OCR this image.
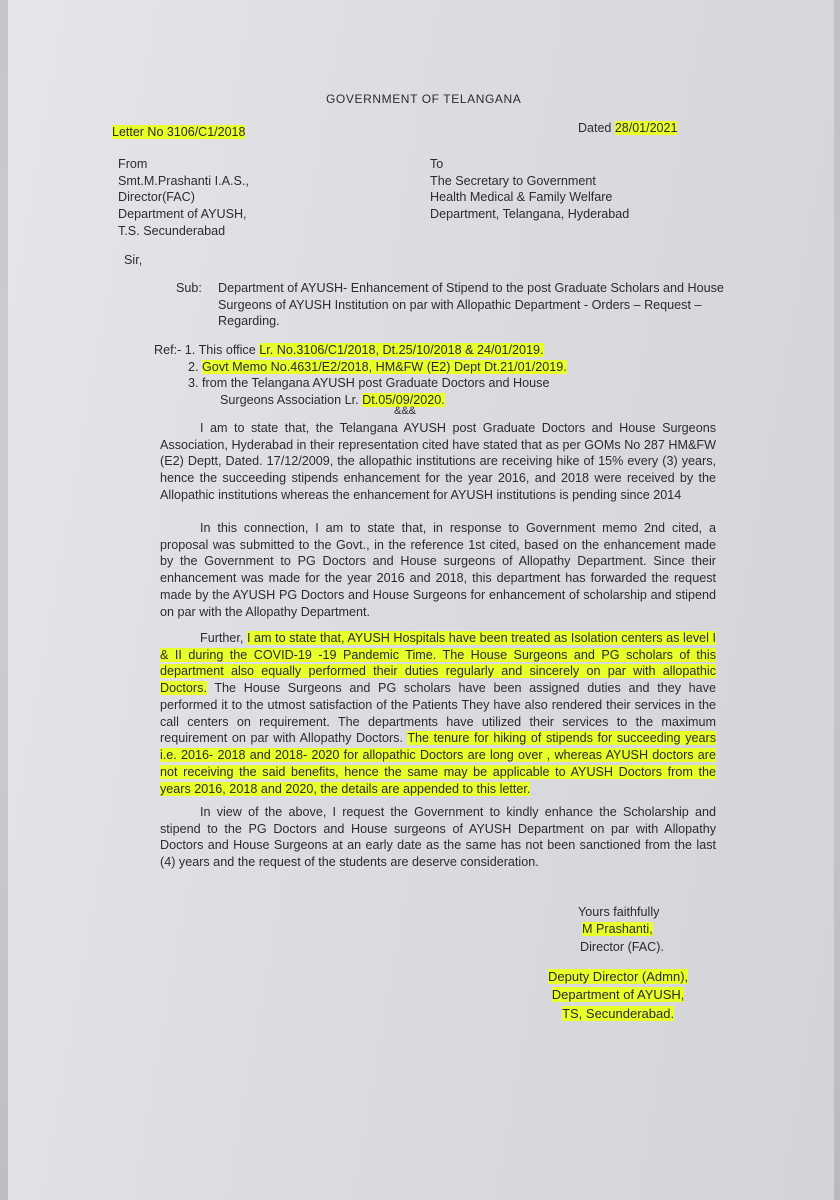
GOVERNMENT OF TELANGANA
Letter No 3106/C1/2018	Dated 28/01/2021
From
Smt.M.Prashanti I.A.S.,
Director(FAC)
Department of AYUSH,
T.S. Secunderabad
To
The Secretary to Government
Health Medical & Family Welfare
Department, Telangana, Hyderabad
Sir,
Sub:	Department of AYUSH- Enhancement of Stipend to the post Graduate Scholars and House Surgeons of AYUSH Institution on par with Allopathic Department - Orders – Request – Regarding.
Ref:- 1. This office Lr. No.3106/C1/2018, Dt.25/10/2018 & 24/01/2019.
2. Govt Memo No.4631/E2/2018, HM&FW (E2) Dept Dt.21/01/2019.
3. from the Telangana AYUSH post Graduate Doctors and House
Surgeons Association Lr. Dt.05/09/2020.
&&&
I am to state that, the Telangana AYUSH post Graduate Doctors and House Surgeons Association, Hyderabad in their representation cited have stated that as per GOMs No 287 HM&FW (E2) Deptt, Dated. 17/12/2009, the allopathic institutions are receiving hike of 15% every (3) years, hence the succeeding stipends enhancement for the year 2016, and 2018 were received by the Allopathic institutions whereas the enhancement for AYUSH institutions is pending since 2014
In this connection, I am to state that, in response to Government memo 2nd cited, a proposal was submitted to the Govt., in the reference 1st cited, based on the enhancement made by the Government to PG Doctors and House surgeons of Allopathy Department. Since their enhancement was made for the year 2016 and 2018, this department has forwarded the request made by the AYUSH PG Doctors and House Surgeons for enhancement of scholarship and stipend on par with the Allopathy Department.
Further, I am to state that, AYUSH Hospitals have been treated as Isolation centers as level I & II during the COVID-19 -19 Pandemic Time. The House Surgeons and PG scholars of this department also equally performed their duties regularly and sincerely on par with allopathic Doctors. The House Surgeons and PG scholars have been assigned duties and they have performed it to the utmost satisfaction of the Patients They have also rendered their services in the call centers on requirement. The departments have utilized their services to the maximum requirement on par with Allopathy Doctors. The tenure for hiking of stipends for succeeding years i.e. 2016- 2018 and 2018- 2020 for allopathic Doctors are long over , whereas AYUSH doctors are not receiving the said benefits, hence the same may be applicable to AYUSH Doctors from the years 2016, 2018 and 2020, the details are appended to this letter.
In view of the above, I request the Government to kindly enhance the Scholarship and stipend to the PG Doctors and House surgeons of AYUSH Department on par with Allopathy Doctors and House Surgeons at an early date as the same has not been sanctioned from the last (4) years and the request of the students are deserve consideration.
Yours faithfully
M Prashanti,
Director (FAC).
Deputy Director (Admn),
Department of AYUSH,
TS, Secunderabad.
